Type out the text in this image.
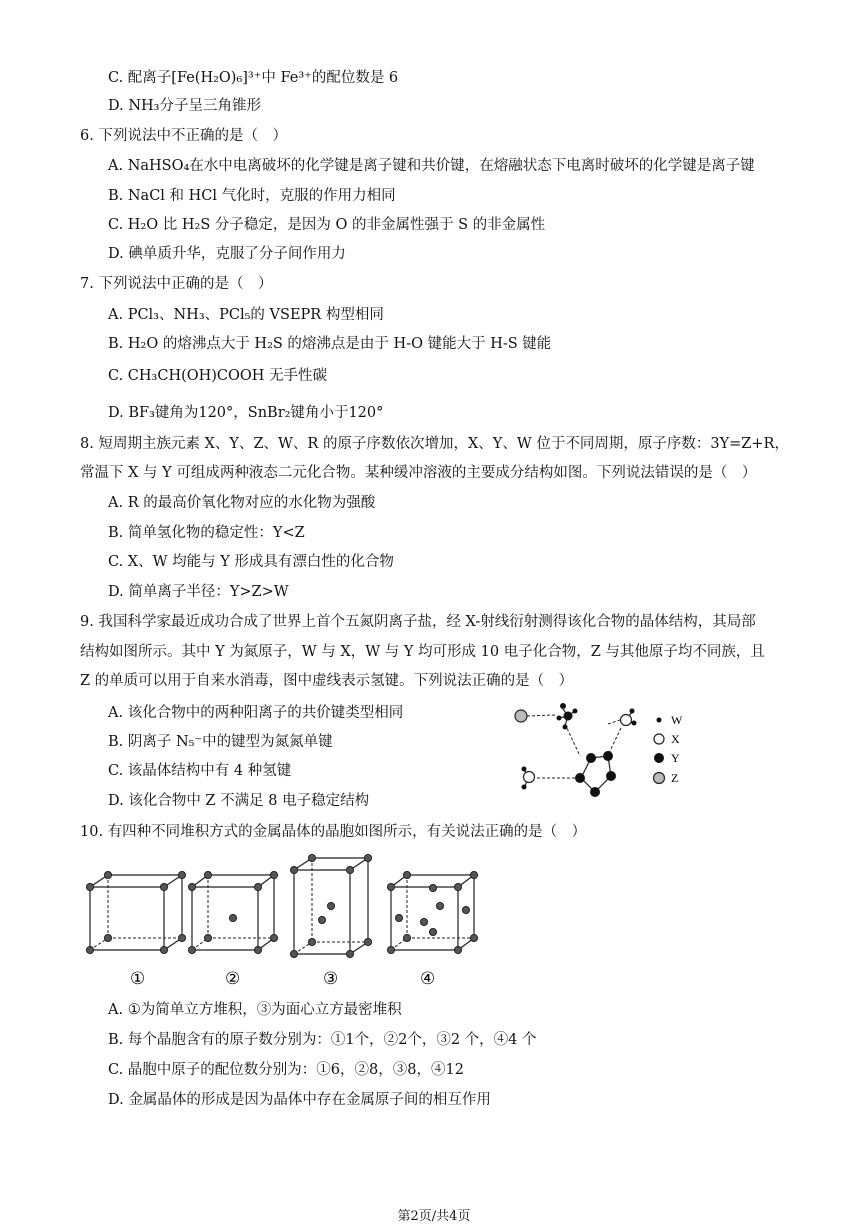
C. 配离子[Fe(H₂O)₆]³⁺中 Fe³⁺的配位数是 6
D. NH₃分子呈三角锥形
6. 下列说法中不正确的是（　）
A. NaHSO₄在水中电离破坏的化学键是离子键和共价键，在熔融状态下电离时破坏的化学键是离子键
B. NaCl 和 HCl 气化时，克服的作用力相同
C. H₂O 比 H₂S 分子稳定，是因为 O 的非金属性强于 S 的非金属性
D. 碘单质升华，克服了分子间作用力
7. 下列说法中正确的是（　）
A. PCl₃、NH₃、PCl₅的 VSEPR 构型相同
B. H₂O 的熔沸点大于 H₂S 的熔沸点是由于 H-O 键能大于 H-S 键能
C. CH₃CH(OH)COOH 无手性碳
D. BF₃键角为120°，SnBr₂键角小于120°
8. 短周期主族元素 X、Y、Z、W、R 的原子序数依次增加，X、Y、W 位于不同周期，原子序数：3Y=Z+R，
常温下 X 与 Y 可组成两种液态二元化合物。某种缓冲溶液的主要成分结构如图。下列说法错误的是（　）
A. R 的最高价氧化物对应的水化物为强酸
B. 简单氢化物的稳定性：Y<Z
C. X、W 均能与 Y 形成具有漂白性的化合物
D. 简单离子半径：Y>Z>W
9. 我国科学家最近成功合成了世界上首个五氮阴离子盐，经 X-射线衍射测得该化合物的晶体结构，其局部
结构如图所示。其中 Y 为氮原子，W 与 X，W 与 Y 均可形成 10 电子化合物，Z 与其他原子均不同族，且
Z 的单质可以用于自来水消毒，图中虚线表示氢键。下列说法正确的是（　）
A. 该化合物中的两种阳离子的共价键类型相同
B. 阴离子 N₅⁻中的键型为氮氮单键
C. 该晶体结构中有 4 种氢键
D. 该化合物中 Z 不满足 8 电子稳定结构
W
X
Y
Z
10. 有四种不同堆积方式的金属晶体的晶胞如图所示，有关说法正确的是（　）
①	②	③	④
A. ①为简单立方堆积，③为面心立方最密堆积
B. 每个晶胞含有的原子数分别为：①1个，②2个，③2 个，④4 个
C. 晶胞中原子的配位数分别为：①6，②8，③8，④12
D. 金属晶体的形成是因为晶体中存在金属原子间的相互作用
第2页/共4页
